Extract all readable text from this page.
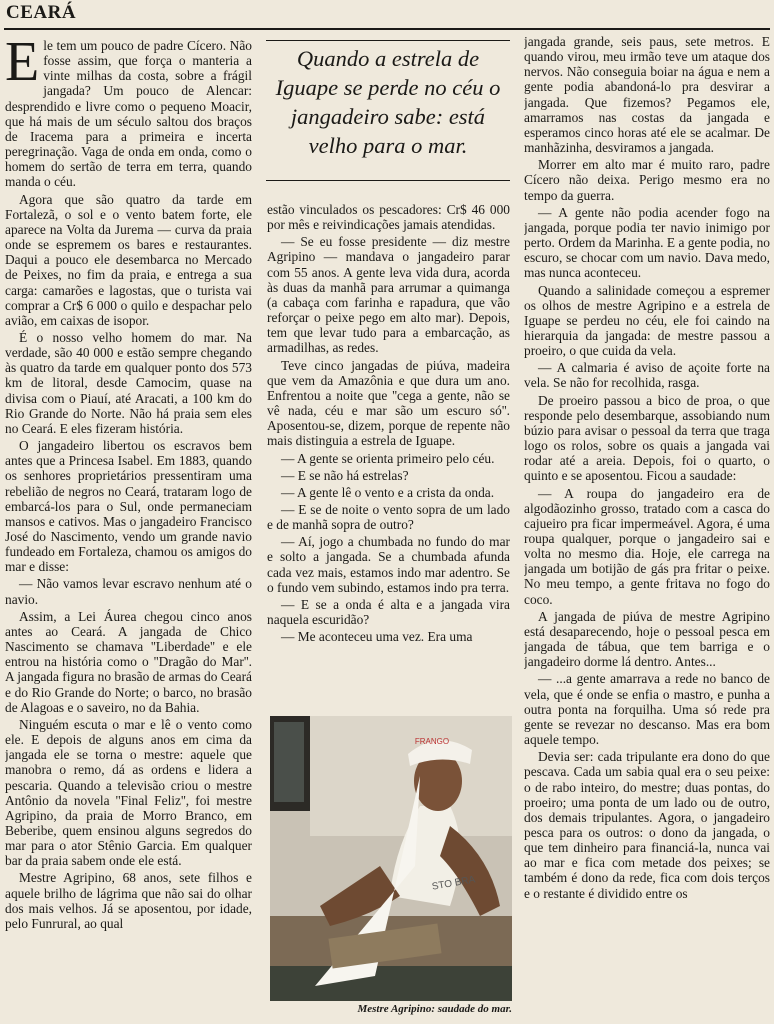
CEARÁ

Ele tem um pouco de padre Cícero. Não fosse assim, que força o manteria a vinte milhas da costa, sobre a frágil jangada? Um pouco de Alencar: desprendido e livre como o pequeno Moacir, que há mais de um século saltou dos braços de Iracema para a primeira e incerta peregrinação. Vaga de onda em onda, como o homem do sertão de terra em terra, quando manda o céu.

Agora que são quatro da tarde em Fortalezã, o sol e o vento batem forte, ele aparece na Volta da Jurema — curva da praia onde se espremem os bares e restaurantes. Daqui a pouco ele desembarca no Mercado de Peixes, no fim da praia, e entrega a sua carga: camarões e lagostas, que o turista vai comprar a Cr$ 6 000 o quilo e despachar pelo avião, em caixas de isopor.

É o nosso velho homem do mar. Na verdade, são 40 000 e estão sempre chegando às quatro da tarde em qualquer ponto dos 573 km de litoral, desde Camocim, quase na divisa com o Piauí, até Aracati, a 100 km do Rio Grande do Norte. Não há praia sem eles no Ceará. E eles fizeram história.

O jangadeiro libertou os escravos bem antes que a Princesa Isabel. Em 1883, quando os senhores proprietários pressentiram uma rebelião de negros no Ceará, trataram logo de embarcá-los para o Sul, onde permaneciam mansos e cativos. Mas o jangadeiro Francisco José do Nascimento, vendo um grande navio fundeado em Fortaleza, chamou os amigos do mar e disse:

— Não vamos levar escravo nenhum até o navio.

Assim, a Lei Áurea chegou cinco anos antes ao Ceará. A jangada de Chico Nascimento se chamava ''Liberdade'' e ele entrou na história como o ''Dragão do Mar''. A jangada figura no brasão de armas do Ceará e do Rio Grande do Norte; o barco, no brasão de Alagoas e o saveiro, no da Bahia.

Ninguém escuta o mar e lê o vento como ele. E depois de alguns anos em cima da jangada ele se torna o mestre: aquele que manobra o remo, dá as ordens e lidera a pescaria. Quando a televisão criou o mestre Antônio da novela ''Final Feliz'', foi mestre Agripino, da praia de Morro Branco, em Beberibe, quem ensinou alguns segredos do mar para o ator Stênio Garcia. Em qualquer bar da praia sabem onde ele está.

Mestre Agripino, 68 anos, sete filhos e aquele brilho de lágrima que não sai do olhar dos mais velhos. Já se aposentou, por idade, pelo Funrural, ao qual

Quando a estrela de Iguape se perde no céu o jangadeiro sabe: está velho para o mar.

estão vinculados os pescadores: Cr$ 46 000 por mês e reivindicações jamais atendidas.

— Se eu fosse presidente — diz mestre Agripino — mandava o jangadeiro parar com 55 anos. A gente leva vida dura, acorda às duas da manhã para arrumar a quimanga (a cabaça com farinha e rapadura, que vão reforçar o peixe pego em alto mar). Depois, tem que levar tudo para a embarcação, as armadilhas, as redes.

Teve cinco jangadas de piúva, madeira que vem da Amazônia e que dura um ano. Enfrentou a noite que ''cega a gente, não se vê nada, céu e mar são um escuro só''. Aposentou-se, dizem, porque de repente não mais distinguia a estrela de Iguape.

— A gente se orienta primeiro pelo céu.

— E se não há estrelas?

— A gente lê o vento e a crista da onda.

— E se de noite o vento sopra de um lado e de manhã sopra de outro?

— Aí, jogo a chumbada no fundo do mar e solto a jangada. Se a chumbada afunda cada vez mais, estamos indo mar adentro. Se o fundo vem subindo, estamos indo pra terra.

— E se a onda é alta e a jangada vira naquela escuridão?

— Me aconteceu uma vez. Era uma

FRANGO
STO BRA
Mestre Agripino: saudade do mar.

jangada grande, seis paus, sete metros. E quando virou, meu irmão teve um ataque dos nervos. Não conseguia boiar na água e nem a gente podia abandoná-lo pra desvirar a jangada. Que fizemos? Pegamos ele, amarramos nas costas da jangada e esperamos cinco horas até ele se acalmar. De manhãzinha, desviramos a jangada.

Morrer em alto mar é muito raro, padre Cícero não deixa. Perigo mesmo era no tempo da guerra.

— A gente não podia acender fogo na jangada, porque podia ter navio inimigo por perto. Ordem da Marinha. E a gente podia, no escuro, se chocar com um navio. Dava medo, mas nunca aconteceu.

Quando a salinidade começou a espremer os olhos de mestre Agripino e a estrela de Iguape se perdeu no céu, ele foi caindo na hierarquia da jangada: de mestre passou a proeiro, o que cuida da vela.

— A calmaria é aviso de açoite forte na vela. Se não for recolhida, rasga.

De proeiro passou a bico de proa, o que responde pelo desembarque, assobiando num búzio para avisar o pessoal da terra que traga logo os rolos, sobre os quais a jangada vai rodar até a areia. Depois, foi o quarto, o quinto e se aposentou. Ficou a saudade:

— A roupa do jangadeiro era de algodãozinho grosso, tratado com a casca do cajueiro pra ficar impermeável. Agora, é uma roupa qualquer, porque o jangadeiro sai e volta no mesmo dia. Hoje, ele carrega na jangada um botijão de gás pra fritar o peixe. No meu tempo, a gente fritava no fogo do coco.

A jangada de piúva de mestre Agripino está desaparecendo, hoje o pessoal pesca em jangada de tábua, que tem barriga e o jangadeiro dorme lá dentro. Antes...

— ...a gente amarrava a rede no banco de vela, que é onde se enfia o mastro, e punha a outra ponta na forquilha. Uma só rede pra gente se revezar no descanso. Mas era bom aquele tempo.

Devia ser: cada tripulante era dono do que pescava. Cada um sabia qual era o seu peixe: o de rabo inteiro, do mestre; duas pontas, do proeiro; uma ponta de um lado ou de outro, dos demais tripulantes. Agora, o jangadeiro pesca para os outros: o dono da jangada, o que tem dinheiro para financiá-la, nunca vai ao mar e fica com metade dos peixes; se também é dono da rede, fica com dois terços e o restante é dividido entre os
